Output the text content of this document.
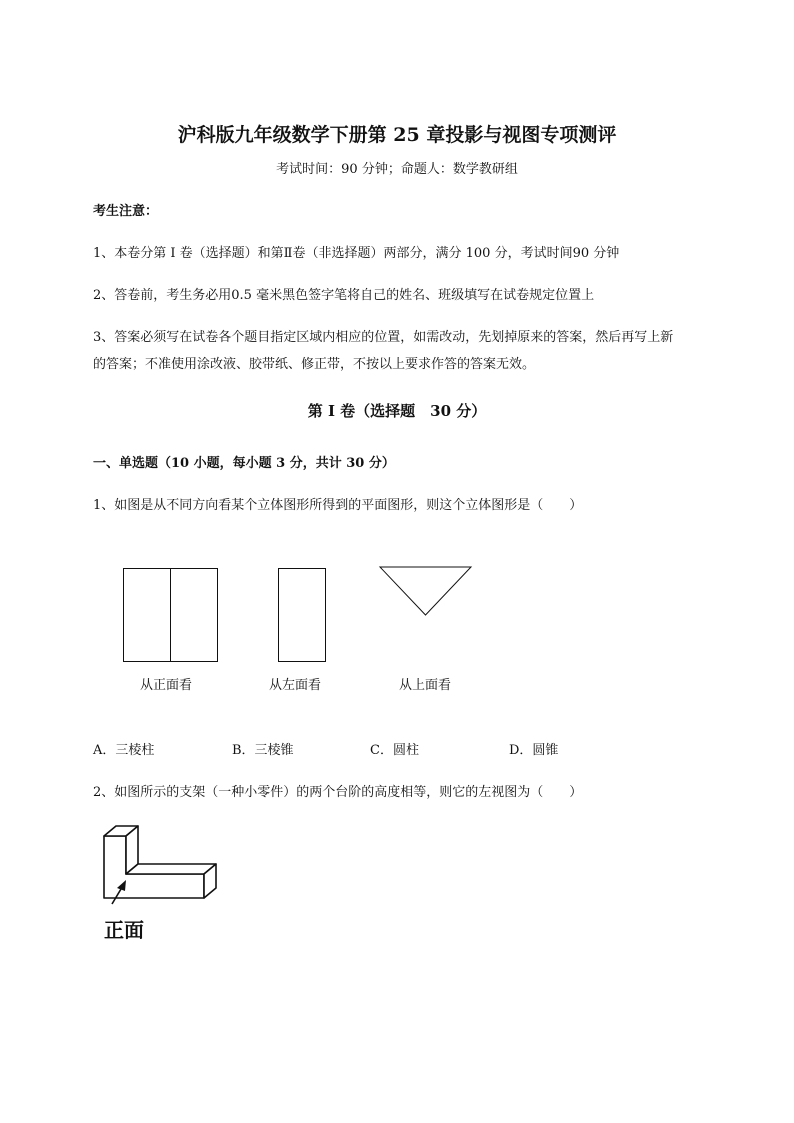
沪科版九年级数学下册第 25 章投影与视图专项测评
考试时间：90 分钟；命题人：数学教研组
考生注意：
1、本卷分第 I 卷（选择题）和第Ⅱ卷（非选择题）两部分，满分 100 分，考试时间90 分钟
2、答卷前，考生务必用0.5 毫米黑色签字笔将自己的姓名、班级填写在试卷规定位置上
3、答案必须写在试卷各个题目指定区域内相应的位置，如需改动，先划掉原来的答案，然后再写上新
的答案；不准使用涂改液、胶带纸、修正带，不按以上要求作答的答案无效。
第 I 卷（选择题　30 分）
一、单选题（10 小题，每小题 3 分，共计 30 分）
1、如图是从不同方向看某个立体图形所得到的平面图形，则这个立体图形是（　　）
从正面看	从左面看	从上面看
A．三棱柱	B．三棱锥	C．圆柱	D．圆锥
2、如图所示的支架（一种小零件）的两个台阶的高度相等，则它的左视图为（　　）
正面
